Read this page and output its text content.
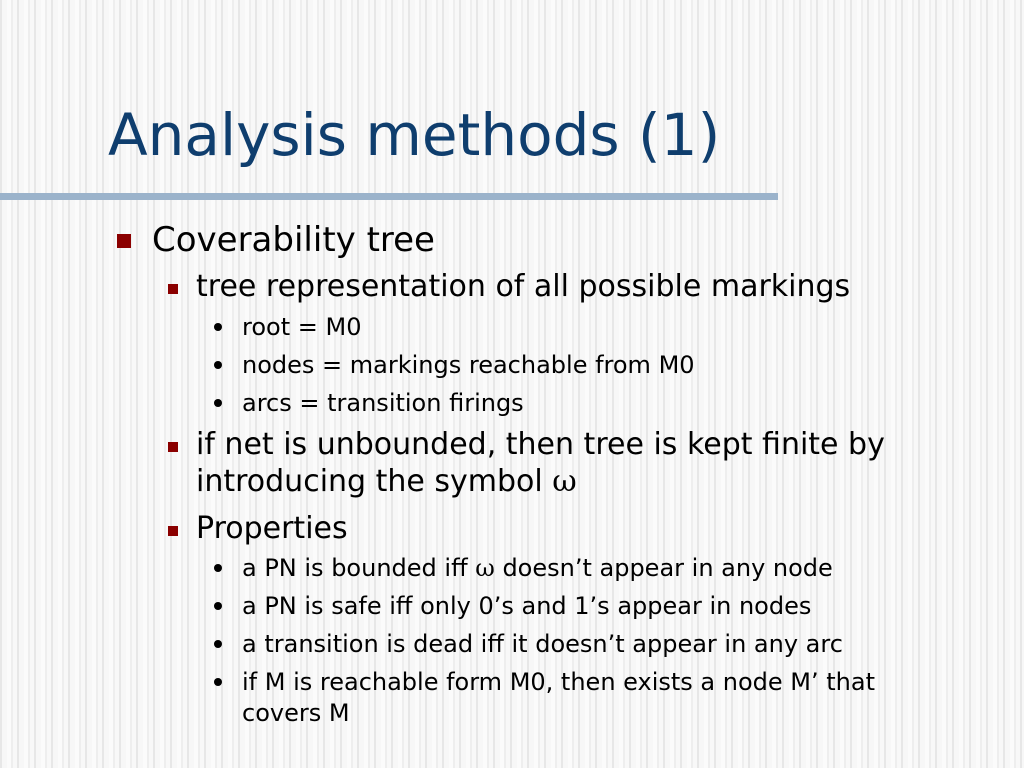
Analysis methods (1)
Coverability tree
tree representation of all possible markings
root = M0
nodes = markings reachable from M0
arcs = transition firings
if net is unbounded, then tree is kept finite by
introducing the symbol ω
Properties
a PN is bounded iff ω doesn’t appear in any node
a PN is safe iff only 0’s and 1’s appear in nodes
a transition is dead iff it doesn’t appear in any arc
if M is reachable form M0, then exists a node M’ that
covers M
